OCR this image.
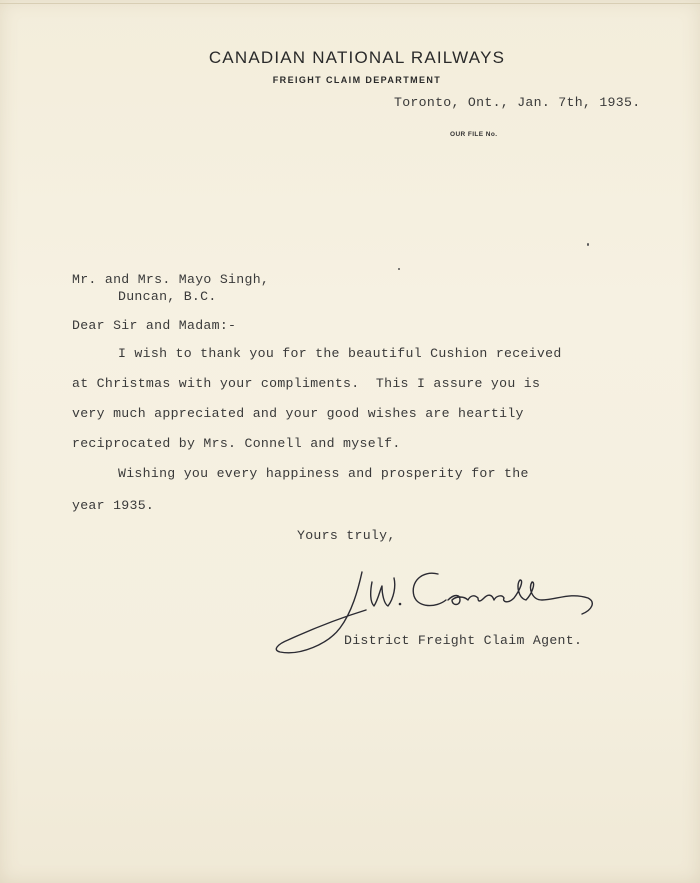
CANADIAN NATIONAL RAILWAYS
FREIGHT CLAIM DEPARTMENT
Toronto, Ont., Jan. 7th, 1935.
OUR FILE No.
Mr. and Mrs. Mayo Singh,
Duncan, B.C.
Dear Sir and Madam:-
I wish to thank you for the beautiful Cushion received
at Christmas with your compliments.  This I assure you is
very much appreciated and your good wishes are heartily
reciprocated by Mrs. Connell and myself.
Wishing you every happiness and prosperity for the
year 1935.
Yours truly,
District Freight Claim Agent.
